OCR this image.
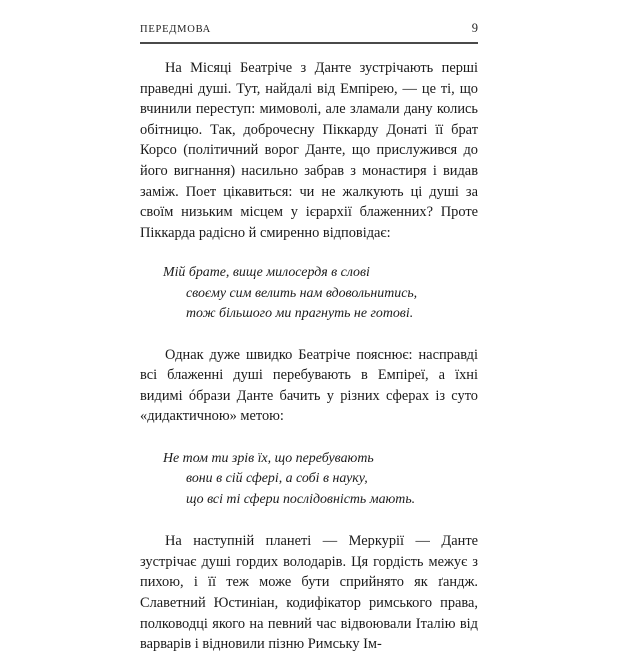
ПЕРЕДМОВА	9

На Місяці Беатріче з Данте зустрічають перші праведні душі. Тут, найдалі від Емпірею, — це ті, що вчинили переступ: мимоволі, але зламали дану колись обітницю. Так, доброчесну Піккарду Донаті її брат Корсо (політичний ворог Данте, що прислужився до його вигнання) насильно забрав з монастиря і видав заміж. Поет цікавиться: чи не жалкують ці душі за своїм низьким місцем у ієрархії блаженних? Проте Піккарда радісно й смиренно відповідає:

Мій брате, вище милосердя в слові
своєму сим велить нам вдовольнитись,
тож більшого ми прагнуть не готові.

Однак дуже швидко Беатріче пояснює: насправді всі блаженні душі перебувають в Емпіреї, а їхні видимі óбрази Данте бачить у різних сферах із суто «дидактичною» метою:

Не том ти зрів їх, що перебувають
вони в сій сфері, а собі в науку,
що всі ті сфери послідовність мають.

На наступній планеті — Меркурії — Данте зустрічає душі гордих володарів. Ця гордість межує з пихою, і її теж може бути сприйнято як ґандж. Славетний Юстиніан, кодифікатор римського права, полководці якого на певний час відвоювали Італію від варварів і відновили пізню Римську Ім-
